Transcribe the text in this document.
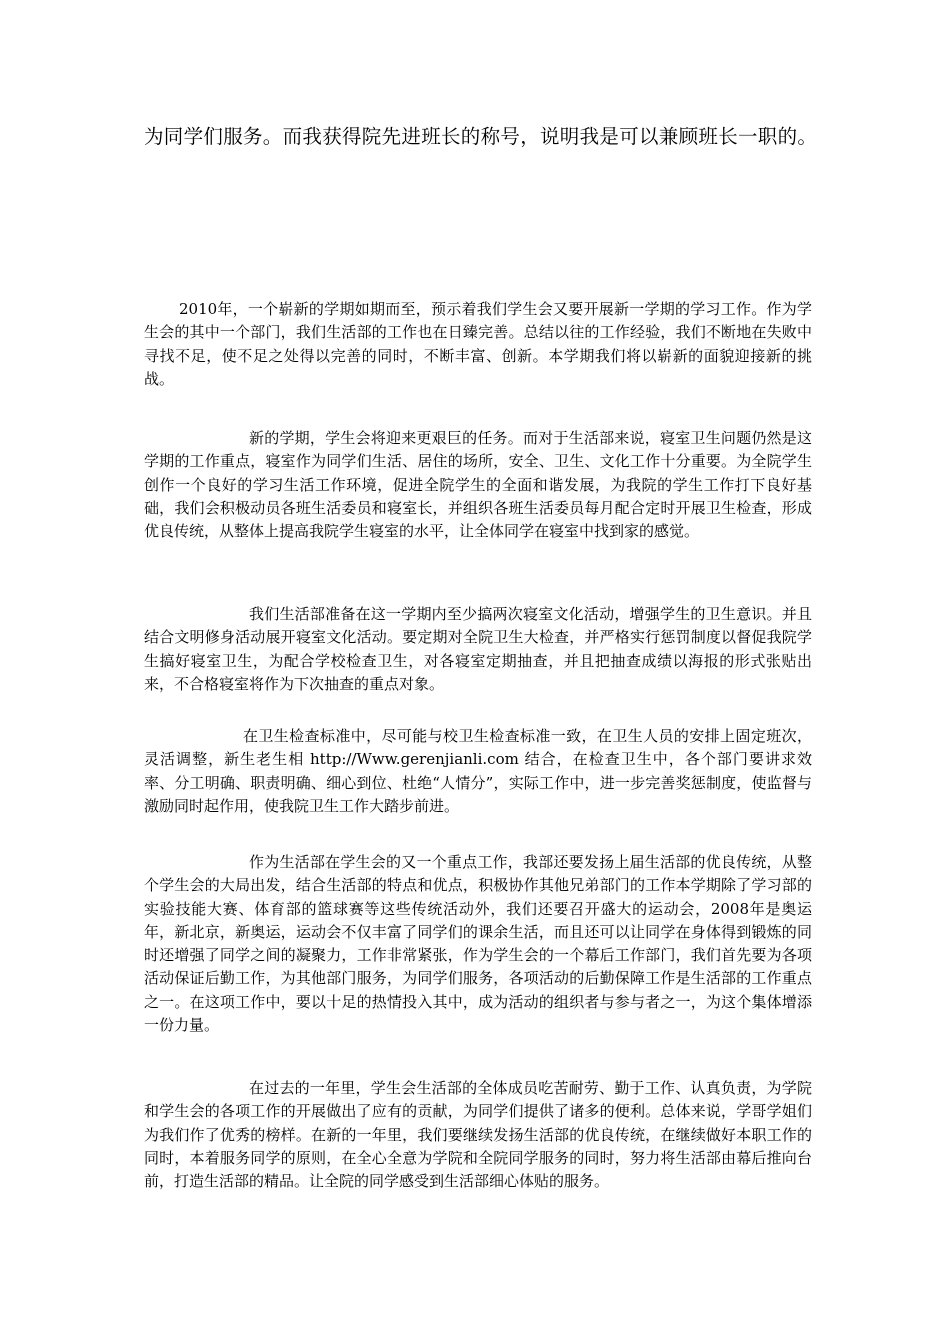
为同学们服务。而我获得院先进班长的称号，说明我是可以兼顾班长一职的。

2010年，一个崭新的学期如期而至，预示着我们学生会又要开展新一学期的学习工作。作为学生会的其中一个部门，我们生活部的工作也在日臻完善。总结以往的工作经验，我们不断地在失败中寻找不足，使不足之处得以完善的同时，不断丰富、创新。本学期我们将以崭新的面貌迎接新的挑战。

新的学期，学生会将迎来更艰巨的任务。而对于生活部来说，寝室卫生问题仍然是这学期的工作重点，寝室作为同学们生活、居住的场所，安全、卫生、文化工作十分重要。为全院学生创作一个良好的学习生活工作环境，促进全院学生的全面和谐发展，为我院的学生工作打下良好基础，我们会积极动员各班生活委员和寝室长，并组织各班生活委员每月配合定时开展卫生检查，形成优良传统，从整体上提高我院学生寝室的水平，让全体同学在寝室中找到家的感觉。

我们生活部准备在这一学期内至少搞两次寝室文化活动，增强学生的卫生意识。并且结合文明修身活动展开寝室文化活动。要定期对全院卫生大检查，并严格实行惩罚制度以督促我院学生搞好寝室卫生，为配合学校检查卫生，对各寝室定期抽查，并且把抽查成绩以海报的形式张贴出来，不合格寝室将作为下次抽查的重点对象。

在卫生检查标准中，尽可能与校卫生检查标准一致，在卫生人员的安排上固定班次，灵活调整，新生老生相 http://Www.gerenjianli.com 结合，在检查卫生中，各个部门要讲求效率、分工明确、职责明确、细心到位、杜绝“人情分”，实际工作中，进一步完善奖惩制度，使监督与激励同时起作用，使我院卫生工作大踏步前进。

作为生活部在学生会的又一个重点工作，我部还要发扬上届生活部的优良传统，从整个学生会的大局出发，结合生活部的特点和优点，积极协作其他兄弟部门的工作本学期除了学习部的实验技能大赛、体育部的篮球赛等这些传统活动外，我们还要召开盛大的运动会，2008年是奥运年，新北京，新奥运，运动会不仅丰富了同学们的课余生活，而且还可以让同学在身体得到锻炼的同时还增强了同学之间的凝聚力，工作非常紧张，作为学生会的一个幕后工作部门，我们首先要为各项活动保证后勤工作，为其他部门服务，为同学们服务，各项活动的后勤保障工作是生活部的工作重点之一。在这项工作中，要以十足的热情投入其中，成为活动的组织者与参与者之一，为这个集体增添一份力量。

在过去的一年里，学生会生活部的全体成员吃苦耐劳、勤于工作、认真负责，为学院和学生会的各项工作的开展做出了应有的贡献，为同学们提供了诸多的便利。总体来说，学哥学姐们为我们作了优秀的榜样。在新的一年里，我们要继续发扬生活部的优良传统，在继续做好本职工作的同时，本着服务同学的原则，在全心全意为学院和全院同学服务的同时，努力将生活部由幕后推向台前，打造生活部的精品。让全院的同学感受到生活部细心体贴的服务。
